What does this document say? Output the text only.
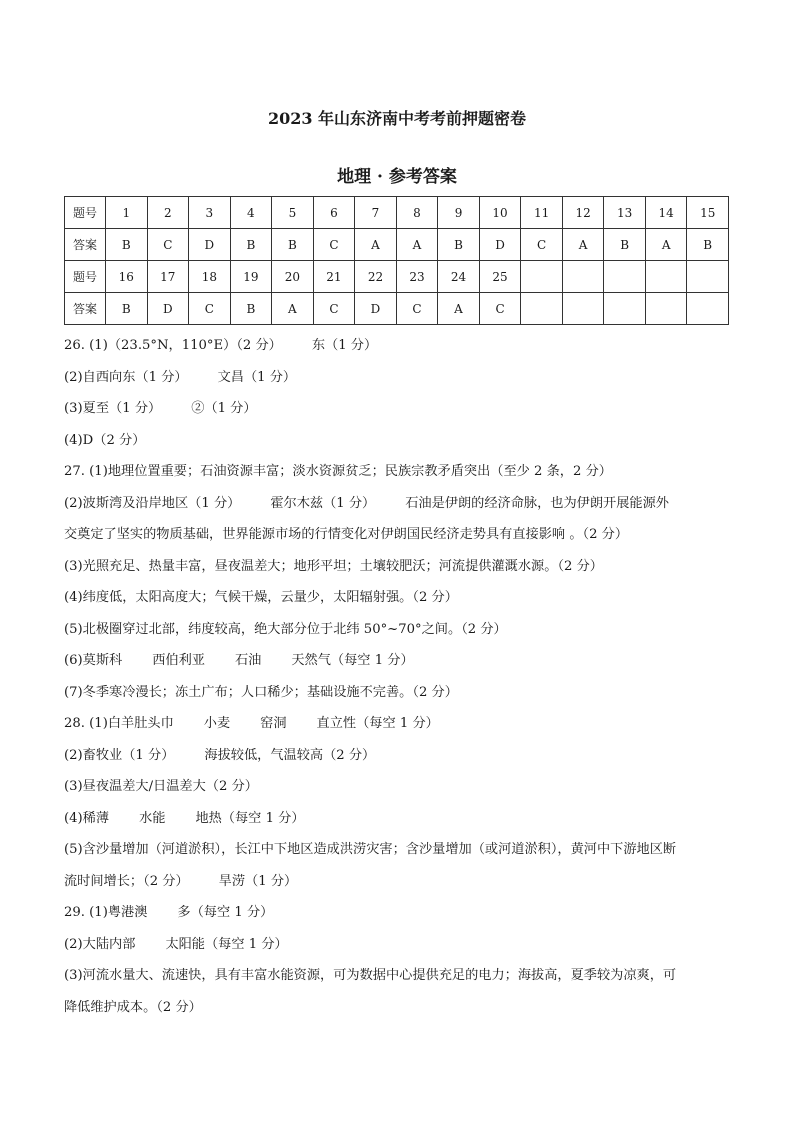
2023 年山东济南中考考前押题密卷
地理 · 参考答案
题号	1	2	3	4	5	6	7	8	9	10	11	12	13	14	15
答案	B	C	D	B	B	C	A	A	B	D	C	A	B	A	B
题号	16	17	18	19	20	21	22	23	24	25					
答案	B	D	C	B	A	C	D	C	A	C					
26. (1)（23.5°N，110°E）（2 分） 东（1 分）
(2)自西向东（1 分） 文昌（1 分）
(3)夏至（1 分） ②（1 分）
(4)D（2 分）
27. (1)地理位置重要；石油资源丰富；淡水资源贫乏；民族宗教矛盾突出（至少 2 条，2 分）
(2)波斯湾及沿岸地区（1 分） 霍尔木兹（1 分） 石油是伊朗的经济命脉，也为伊朗开展能源外
交奠定了坚实的物质基础，世界能源市场的行情变化对伊朗国民经济走势具有直接影响 。（2 分）
(3)光照充足、热量丰富，昼夜温差大；地形平坦；土壤较肥沃；河流提供灌溉水源。（2 分）
(4)纬度低，太阳高度大；气候干燥，云量少，太阳辐射强。（2 分）
(5)北极圈穿过北部，纬度较高，绝大部分位于北纬 50°~70°之间。（2 分）
(6)莫斯科 西伯利亚 石油 天然气（每空 1 分）
(7)冬季寒冷漫长；冻土广布；人口稀少；基础设施不完善。（2 分）
28. (1)白羊肚头巾 小麦 窑洞 直立性（每空 1 分）
(2)畜牧业（1 分） 海拔较低，气温较高（2 分）
(3)昼夜温差大/日温差大（2 分）
(4)稀薄 水能 地热（每空 1 分）
(5)含沙量增加（河道淤积），长江中下地区造成洪涝灾害；含沙量增加（或河道淤积），黄河中下游地区断
流时间增长；（2 分） 旱涝（1 分）
29. (1)粤港澳 多（每空 1 分）
(2)大陆内部 太阳能（每空 1 分）
(3)河流水量大、流速快，具有丰富水能资源，可为数据中心提供充足的电力；海拔高，夏季较为凉爽，可
降低维护成本。（2 分）
